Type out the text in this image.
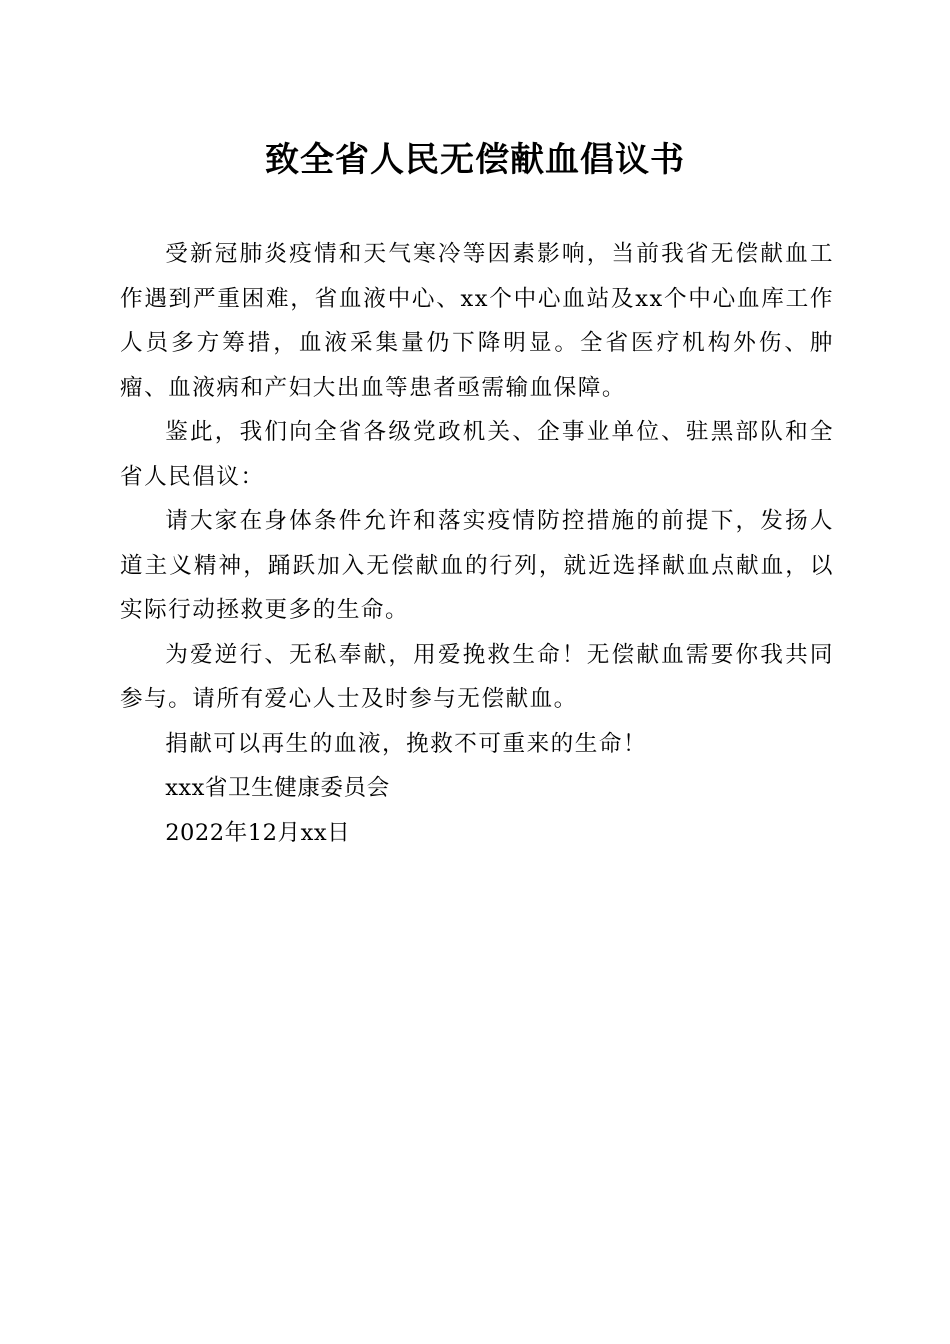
致全省人民无偿献血倡议书

受新冠肺炎疫情和天气寒冷等因素影响，当前我省无偿献血工作遇到严重困难，省血液中心、xx个中心血站及xx个中心血库工作人员多方筹措，血液采集量仍下降明显。全省医疗机构外伤、肿瘤、血液病和产妇大出血等患者亟需输血保障。

鉴此，我们向全省各级党政机关、企事业单位、驻黑部队和全省人民倡议：

请大家在身体条件允许和落实疫情防控措施的前提下，发扬人道主义精神，踊跃加入无偿献血的行列，就近选择献血点献血，以实际行动拯救更多的生命。

为爱逆行、无私奉献，用爱挽救生命！无偿献血需要你我共同参与。请所有爱心人士及时参与无偿献血。

捐献可以再生的血液，挽救不可重来的生命！

xxx省卫生健康委员会

2022年12月xx日
